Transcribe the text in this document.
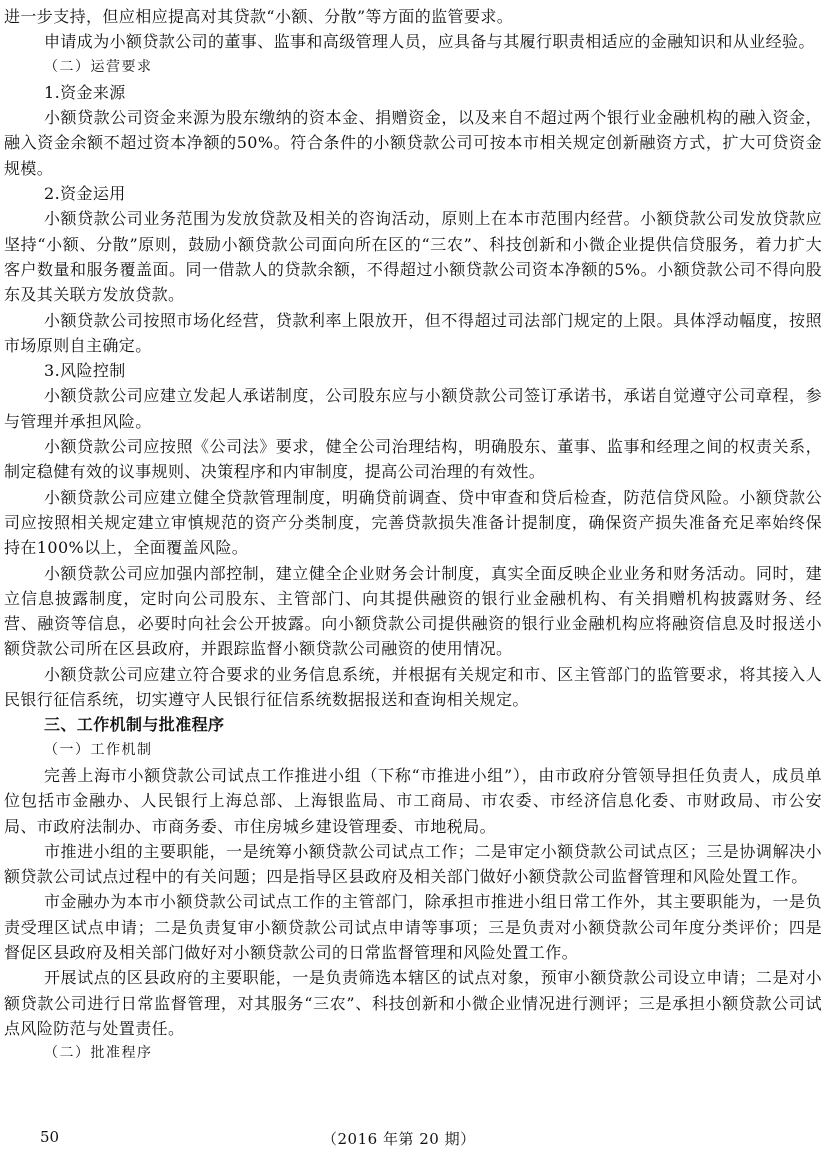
进一步支持，但应相应提高对其贷款“小额、分散”等方面的监管要求。

申请成为小额贷款公司的董事、监事和高级管理人员，应具备与其履行职责相适应的金融知识和从业经验。

（二）运营要求

1.资金来源

小额贷款公司资金来源为股东缴纳的资本金、捐赠资金，以及来自不超过两个银行业金融机构的融入资金，融入资金余额不超过资本净额的50%。符合条件的小额贷款公司可按本市相关规定创新融资方式，扩大可贷资金规模。

2.资金运用

小额贷款公司业务范围为发放贷款及相关的咨询活动，原则上在本市范围内经营。小额贷款公司发放贷款应坚持“小额、分散”原则，鼓励小额贷款公司面向所在区的“三农”、科技创新和小微企业提供信贷服务，着力扩大客户数量和服务覆盖面。同一借款人的贷款余额，不得超过小额贷款公司资本净额的5%。小额贷款公司不得向股东及其关联方发放贷款。

小额贷款公司按照市场化经营，贷款利率上限放开，但不得超过司法部门规定的上限。具体浮动幅度，按照市场原则自主确定。

3.风险控制

小额贷款公司应建立发起人承诺制度，公司股东应与小额贷款公司签订承诺书，承诺自觉遵守公司章程，参与管理并承担风险。

小额贷款公司应按照《公司法》要求，健全公司治理结构，明确股东、董事、监事和经理之间的权责关系，制定稳健有效的议事规则、决策程序和内审制度，提高公司治理的有效性。

小额贷款公司应建立健全贷款管理制度，明确贷前调查、贷中审查和贷后检查，防范信贷风险。小额贷款公司应按照相关规定建立审慎规范的资产分类制度，完善贷款损失准备计提制度，确保资产损失准备充足率始终保持在100%以上，全面覆盖风险。

小额贷款公司应加强内部控制，建立健全企业财务会计制度，真实全面反映企业业务和财务活动。同时，建立信息披露制度，定时向公司股东、主管部门、向其提供融资的银行业金融机构、有关捐赠机构披露财务、经营、融资等信息，必要时向社会公开披露。向小额贷款公司提供融资的银行业金融机构应将融资信息及时报送小额贷款公司所在区县政府，并跟踪监督小额贷款公司融资的使用情况。

小额贷款公司应建立符合要求的业务信息系统，并根据有关规定和市、区主管部门的监管要求，将其接入人民银行征信系统，切实遵守人民银行征信系统数据报送和查询相关规定。

三、工作机制与批准程序

（一）工作机制

完善上海市小额贷款公司试点工作推进小组（下称“市推进小组”），由市政府分管领导担任负责人，成员单位包括市金融办、人民银行上海总部、上海银监局、市工商局、市农委、市经济信息化委、市财政局、市公安局、市政府法制办、市商务委、市住房城乡建设管理委、市地税局。

市推进小组的主要职能，一是统筹小额贷款公司试点工作；二是审定小额贷款公司试点区；三是协调解决小额贷款公司试点过程中的有关问题；四是指导区县政府及相关部门做好小额贷款公司监督管理和风险处置工作。

市金融办为本市小额贷款公司试点工作的主管部门，除承担市推进小组日常工作外，其主要职能为，一是负责受理区试点申请；二是负责复审小额贷款公司试点申请等事项；三是负责对小额贷款公司年度分类评价；四是督促区县政府及相关部门做好对小额贷款公司的日常监督管理和风险处置工作。

开展试点的区县政府的主要职能，一是负责筛选本辖区的试点对象，预审小额贷款公司设立申请；二是对小额贷款公司进行日常监督管理，对其服务“三农”、科技创新和小微企业情况进行测评；三是承担小额贷款公司试点风险防范与处置责任。

（二）批准程序

50	（2016 年第 20 期）
